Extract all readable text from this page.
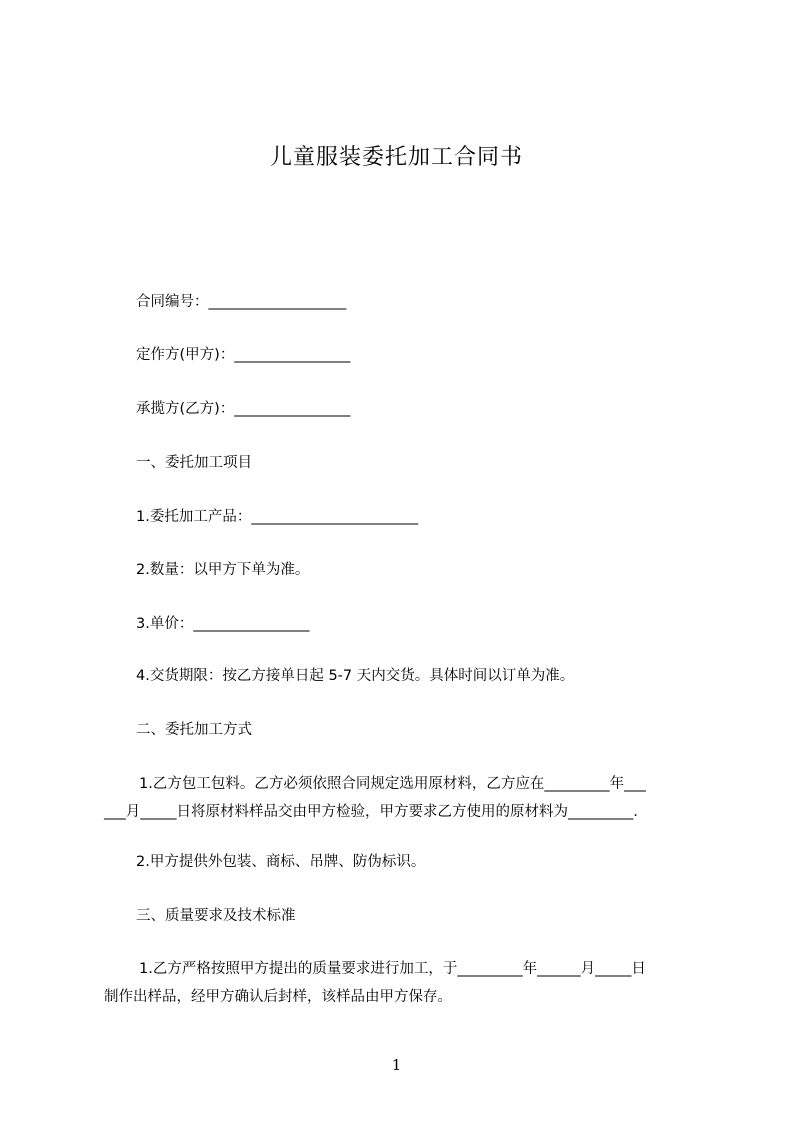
儿童服装委托加工合同书
合同编号：___________________
定作方(甲方)：________________
承揽方(乙方)：________________
一、委托加工项目
1.委托加工产品：_______________________
2.数量：以甲方下单为准。
3.单价：________________
4.交货期限：按乙方接单日起 5-7 天内交货。具体时间以订单为准。
二、委托加工方式
1.乙方包工包料。乙方必须依照合同规定选用原材料，乙方应在_________年___
___月_____日将原材料样品交由甲方检验，甲方要求乙方使用的原材料为_________.
2.甲方提供外包装、商标、吊牌、防伪标识。
三、质量要求及技术标准
1.乙方严格按照甲方提出的质量要求进行加工，于_________年______月_____日
制作出样品，经甲方确认后封样，该样品由甲方保存。
1
